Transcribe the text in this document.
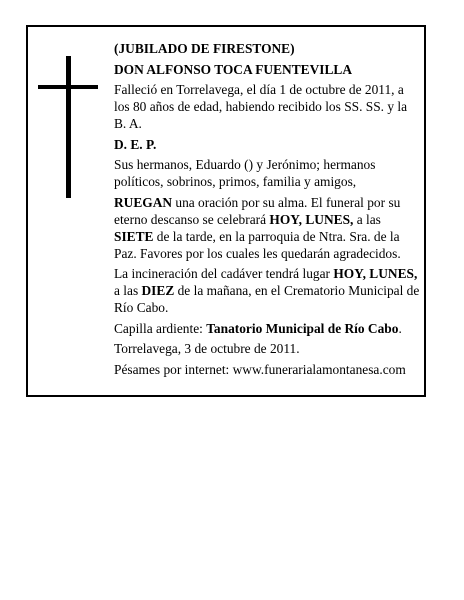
(JUBILADO DE FIRESTONE)

DON ALFONSO TOCA FUENTEVILLA

Falleció en Torrelavega, el día 1 de octubre de 2011, a los 80 años de edad, habiendo recibido los SS. SS. y la B. A.

D. E. P.

Sus hermanos, Eduardo () y Jerónimo; hermanos políticos, sobrinos, primos, familia y amigos,

RUEGAN una oración por su alma. El funeral por su eterno descanso se celebrará HOY, LUNES, a las SIETE de la tarde, en la parroquia de Ntra. Sra. de la Paz. Favores por los cuales les quedarán agradecidos.

La incineración del cadáver tendrá lugar HOY, LUNES, a las DIEZ de la mañana, en el Crematorio Municipal de Río Cabo.

Capilla ardiente: Tanatorio Municipal de Río Cabo.

Torrelavega, 3 de octubre de 2011.

Pésames por internet: www.funerarialamontanesa.com
